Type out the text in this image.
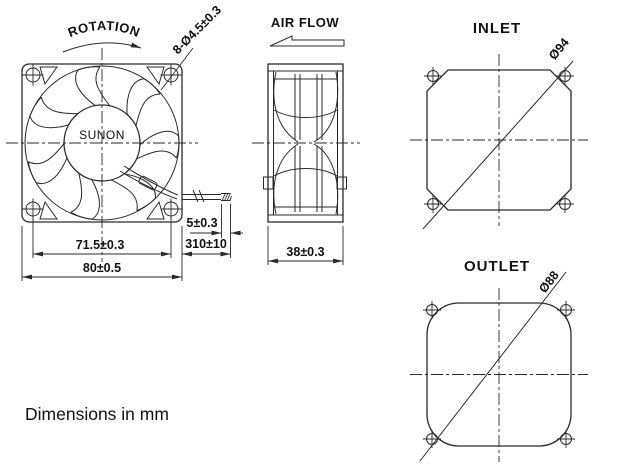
ROTATION 8-Ø4.5±0.3
SUNON
71.5±0.3
80±0.5
5±0.3
310±10
AIR FLOW
38±0.3
INLET
Ø94
OUTLET
Ø88
Dimensions in mm
